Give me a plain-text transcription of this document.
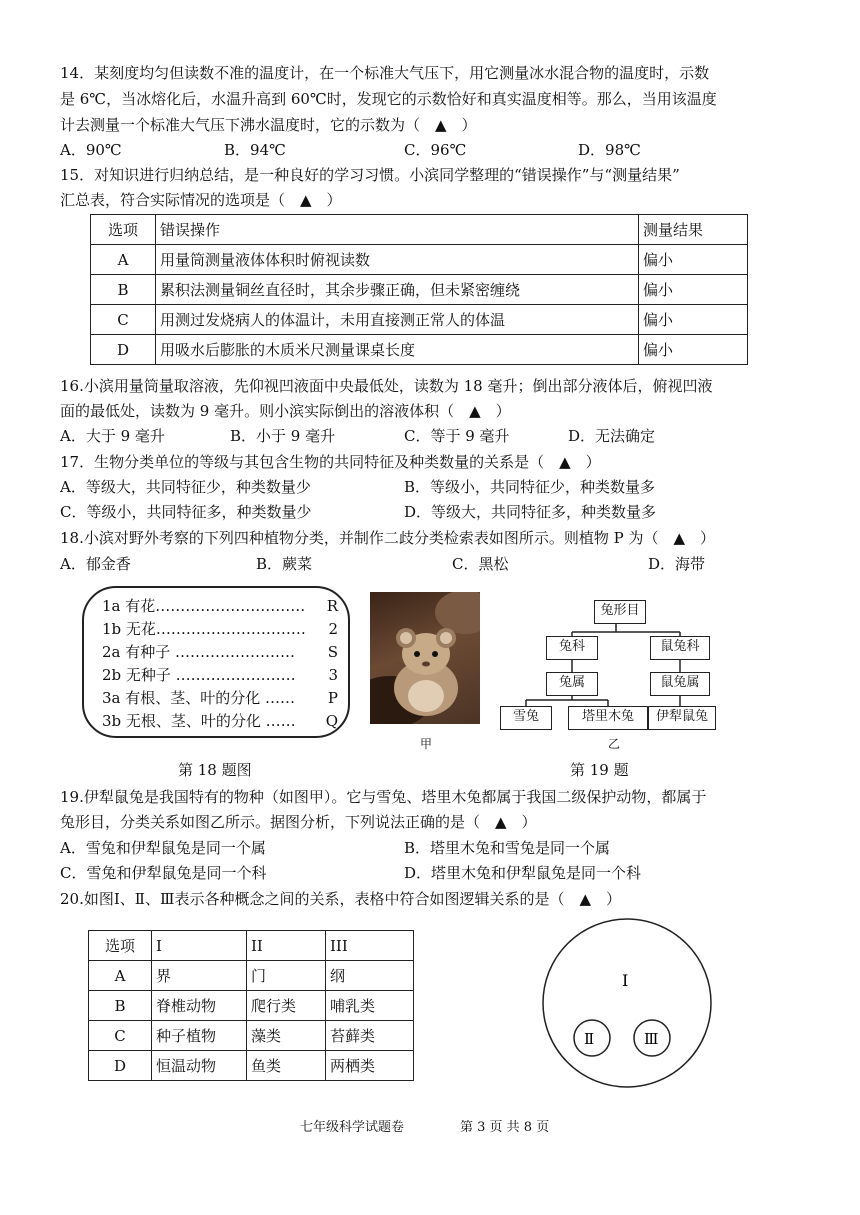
14．某刻度均匀但读数不准的温度计，在一个标准大气压下，用它测量冰水混合物的温度时，示数
是 6℃，当冰熔化后，水温升高到 60℃时，发现它的示数恰好和真实温度相等。那么，当用该温度
计去测量一个标准大气压下沸水温度时，它的示数为（　▲　）
A．90℃	B．94℃	C．96℃	D．98℃
15．对知识进行归纳总结，是一种良好的学习习惯。小滨同学整理的“错误操作”与“测量结果”
汇总表，符合实际情况的选项是（　▲　）
选项	错误操作	测量结果
A	用量筒测量液体体积时俯视读数	偏小
B	累积法测量铜丝直径时，其余步骤正确，但未紧密缠绕	偏小
C	用测过发烧病人的体温计，未用直接测正常人的体温	偏小
D	用吸水后膨胀的木质米尺测量课桌长度	偏小
16.小滨用量筒量取溶液，先仰视凹液面中央最低处，读数为 18 毫升；倒出部分液体后，俯视凹液
面的最低处，读数为 9 毫升。则小滨实际倒出的溶液体积（　▲　）
A．大于 9 毫升	B．小于 9 毫升	C．等于 9 毫升	D．无法确定
17．生物分类单位的等级与其包含生物的共同特征及种类数量的关系是（　▲　）
A．等级大，共同特征少，种类数量少	B．等级小，共同特征少，种类数量多
C．等级小，共同特征多，种类数量少	D．等级大，共同特征多，种类数量多
18.小滨对野外考察的下列四种植物分类，并制作二歧分类检索表如图所示。则植物 P 为（　▲　）
A．郁金香	B．蕨菜	C．黑松	D．海带
1a 有花………………………… R
1b 无花………………………… 2
2a 有种子 …………………… S
2b 无种子 …………………… 3
3a 有根、茎、叶的分化 …… P
3b 无根、茎、叶的分化 …… Q
第 18 题图
甲
兔形目
兔科	鼠兔科
兔属	鼠兔属
雪兔	塔里木兔	伊犁鼠兔
乙
第 19 题
19.伊犁鼠兔是我国特有的物种（如图甲）。它与雪兔、塔里木兔都属于我国二级保护动物，都属于
兔形目，分类关系如图乙所示。据图分析，下列说法正确的是（　▲　）
A．雪兔和伊犁鼠兔是同一个属	B．塔里木兔和雪兔是同一个属
C．雪兔和伊犁鼠兔是同一个科	D．塔里木兔和伊犁鼠兔是同一个科
20.如图Ⅰ、Ⅱ、Ⅲ表示各种概念之间的关系，表格中符合如图逻辑关系的是（　▲　）
选项	I	II	III
A	界	门	纲
B	脊椎动物	爬行类	哺乳类
C	种子植物	藻类	苔藓类
D	恒温动物	鱼类	两栖类
Ⅰ
Ⅱ	Ⅲ
七年级科学试题卷	第 3 页 共 8 页
